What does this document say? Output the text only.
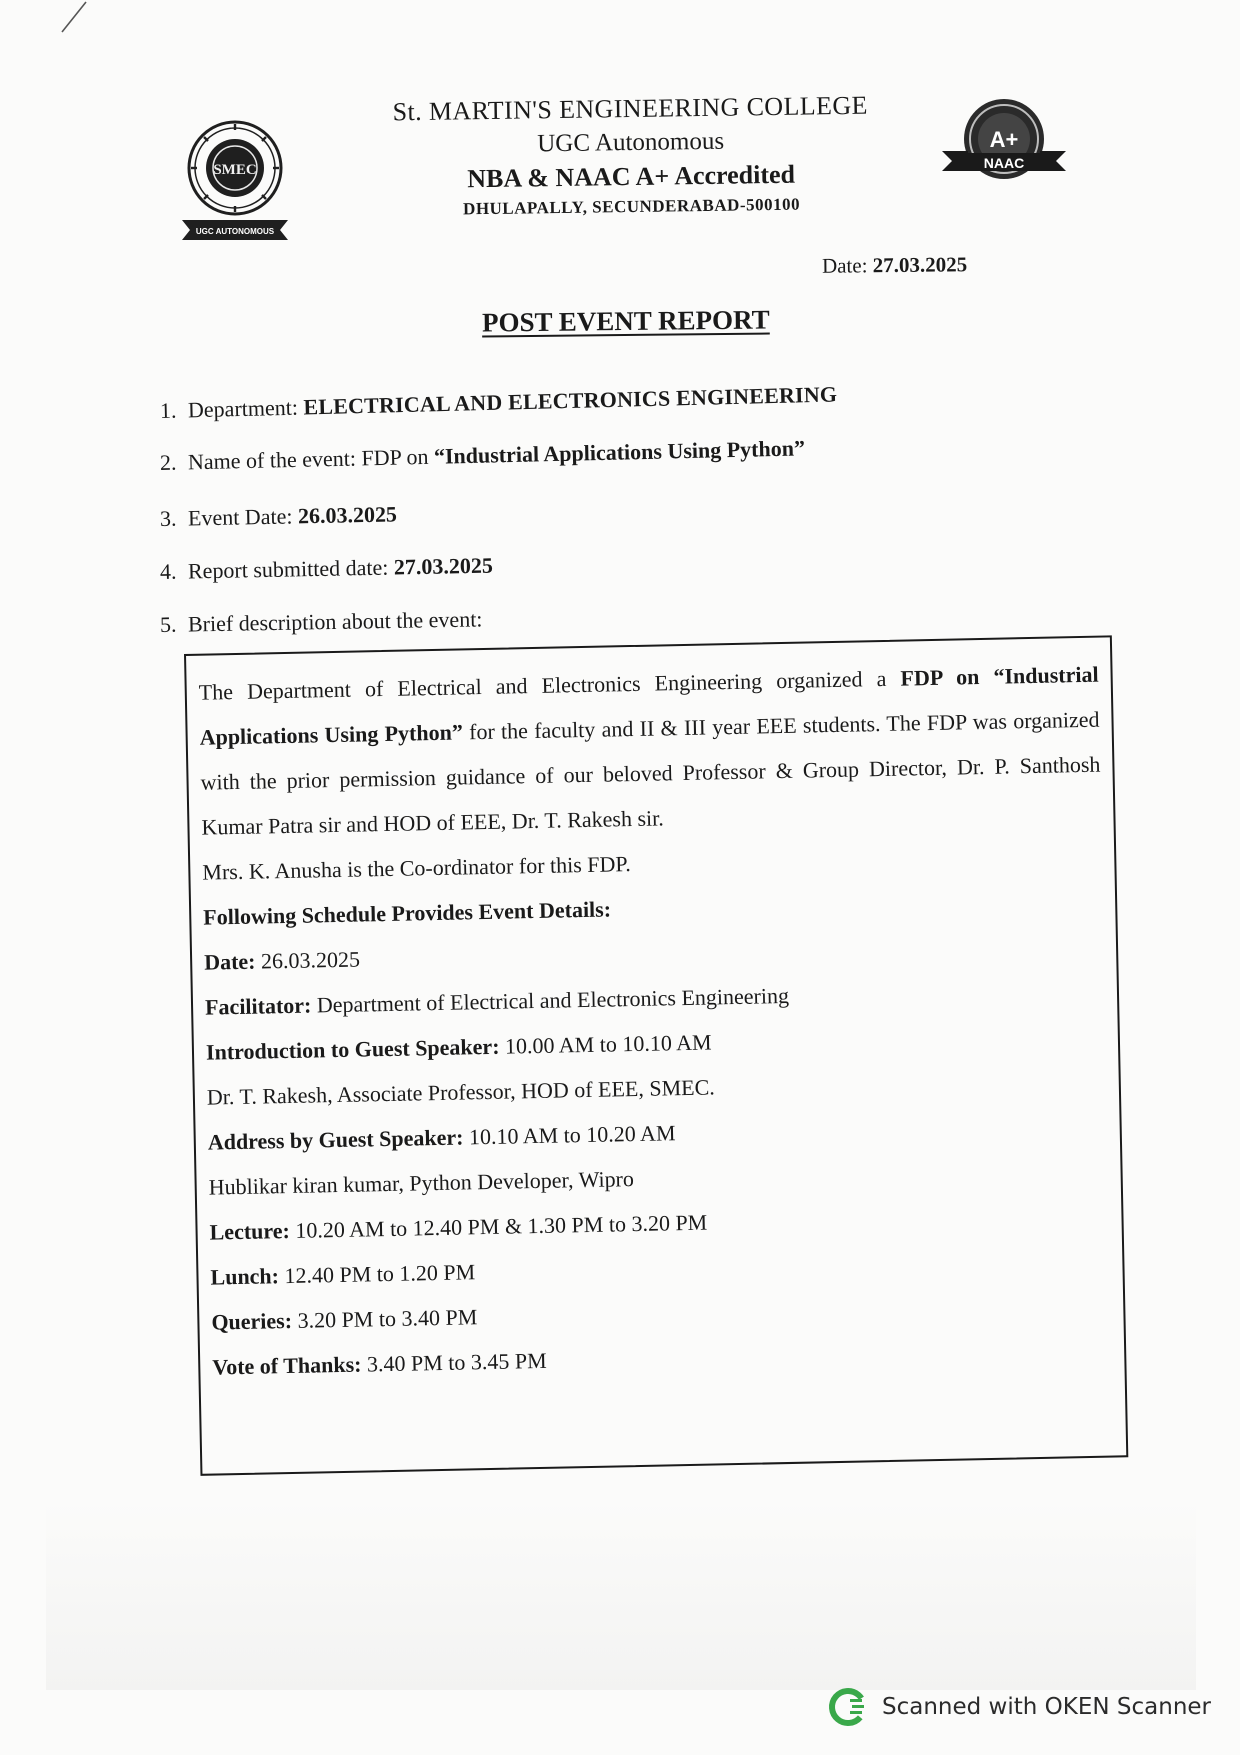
SMEC
UGC AUTONOMOUS
St. MARTIN'S ENGINEERING COLLEGE
UGC Autonomous
NBA & NAAC A+ Accredited
DHULAPALLY, SECUNDERABAD-500100
A+
NAAC
Date: 27.03.2025
POST EVENT REPORT
1. Department: ELECTRICAL AND ELECTRONICS ENGINEERING
2. Name of the event: FDP on “Industrial Applications Using Python”
3. Event Date: 26.03.2025
4. Report submitted date: 27.03.2025
5. Brief description about the event:

The Department of Electrical and Electronics Engineering organized a FDP on “Industrial Applications Using Python” for the faculty and II & III year EEE students. The FDP was organized with the prior permission guidance of our beloved Professor & Group Director, Dr. P. Santhosh Kumar Patra sir and HOD of EEE, Dr. T. Rakesh sir.

Mrs. K. Anusha is the Co-ordinator for this FDP.
Following Schedule Provides Event Details:
Date: 26.03.2025
Facilitator: Department of Electrical and Electronics Engineering
Introduction to Guest Speaker: 10.00 AM to 10.10 AM
Dr. T. Rakesh, Associate Professor, HOD of EEE, SMEC.
Address by Guest Speaker: 10.10 AM to 10.20 AM
Hublikar kiran kumar, Python Developer, Wipro
Lecture: 10.20 AM to 12.40 PM & 1.30 PM to 3.20 PM
Lunch: 12.40 PM to 1.20 PM
Queries: 3.20 PM to 3.40 PM
Vote of Thanks: 3.40 PM to 3.45 PM
Scanned with OKEN Scanner
